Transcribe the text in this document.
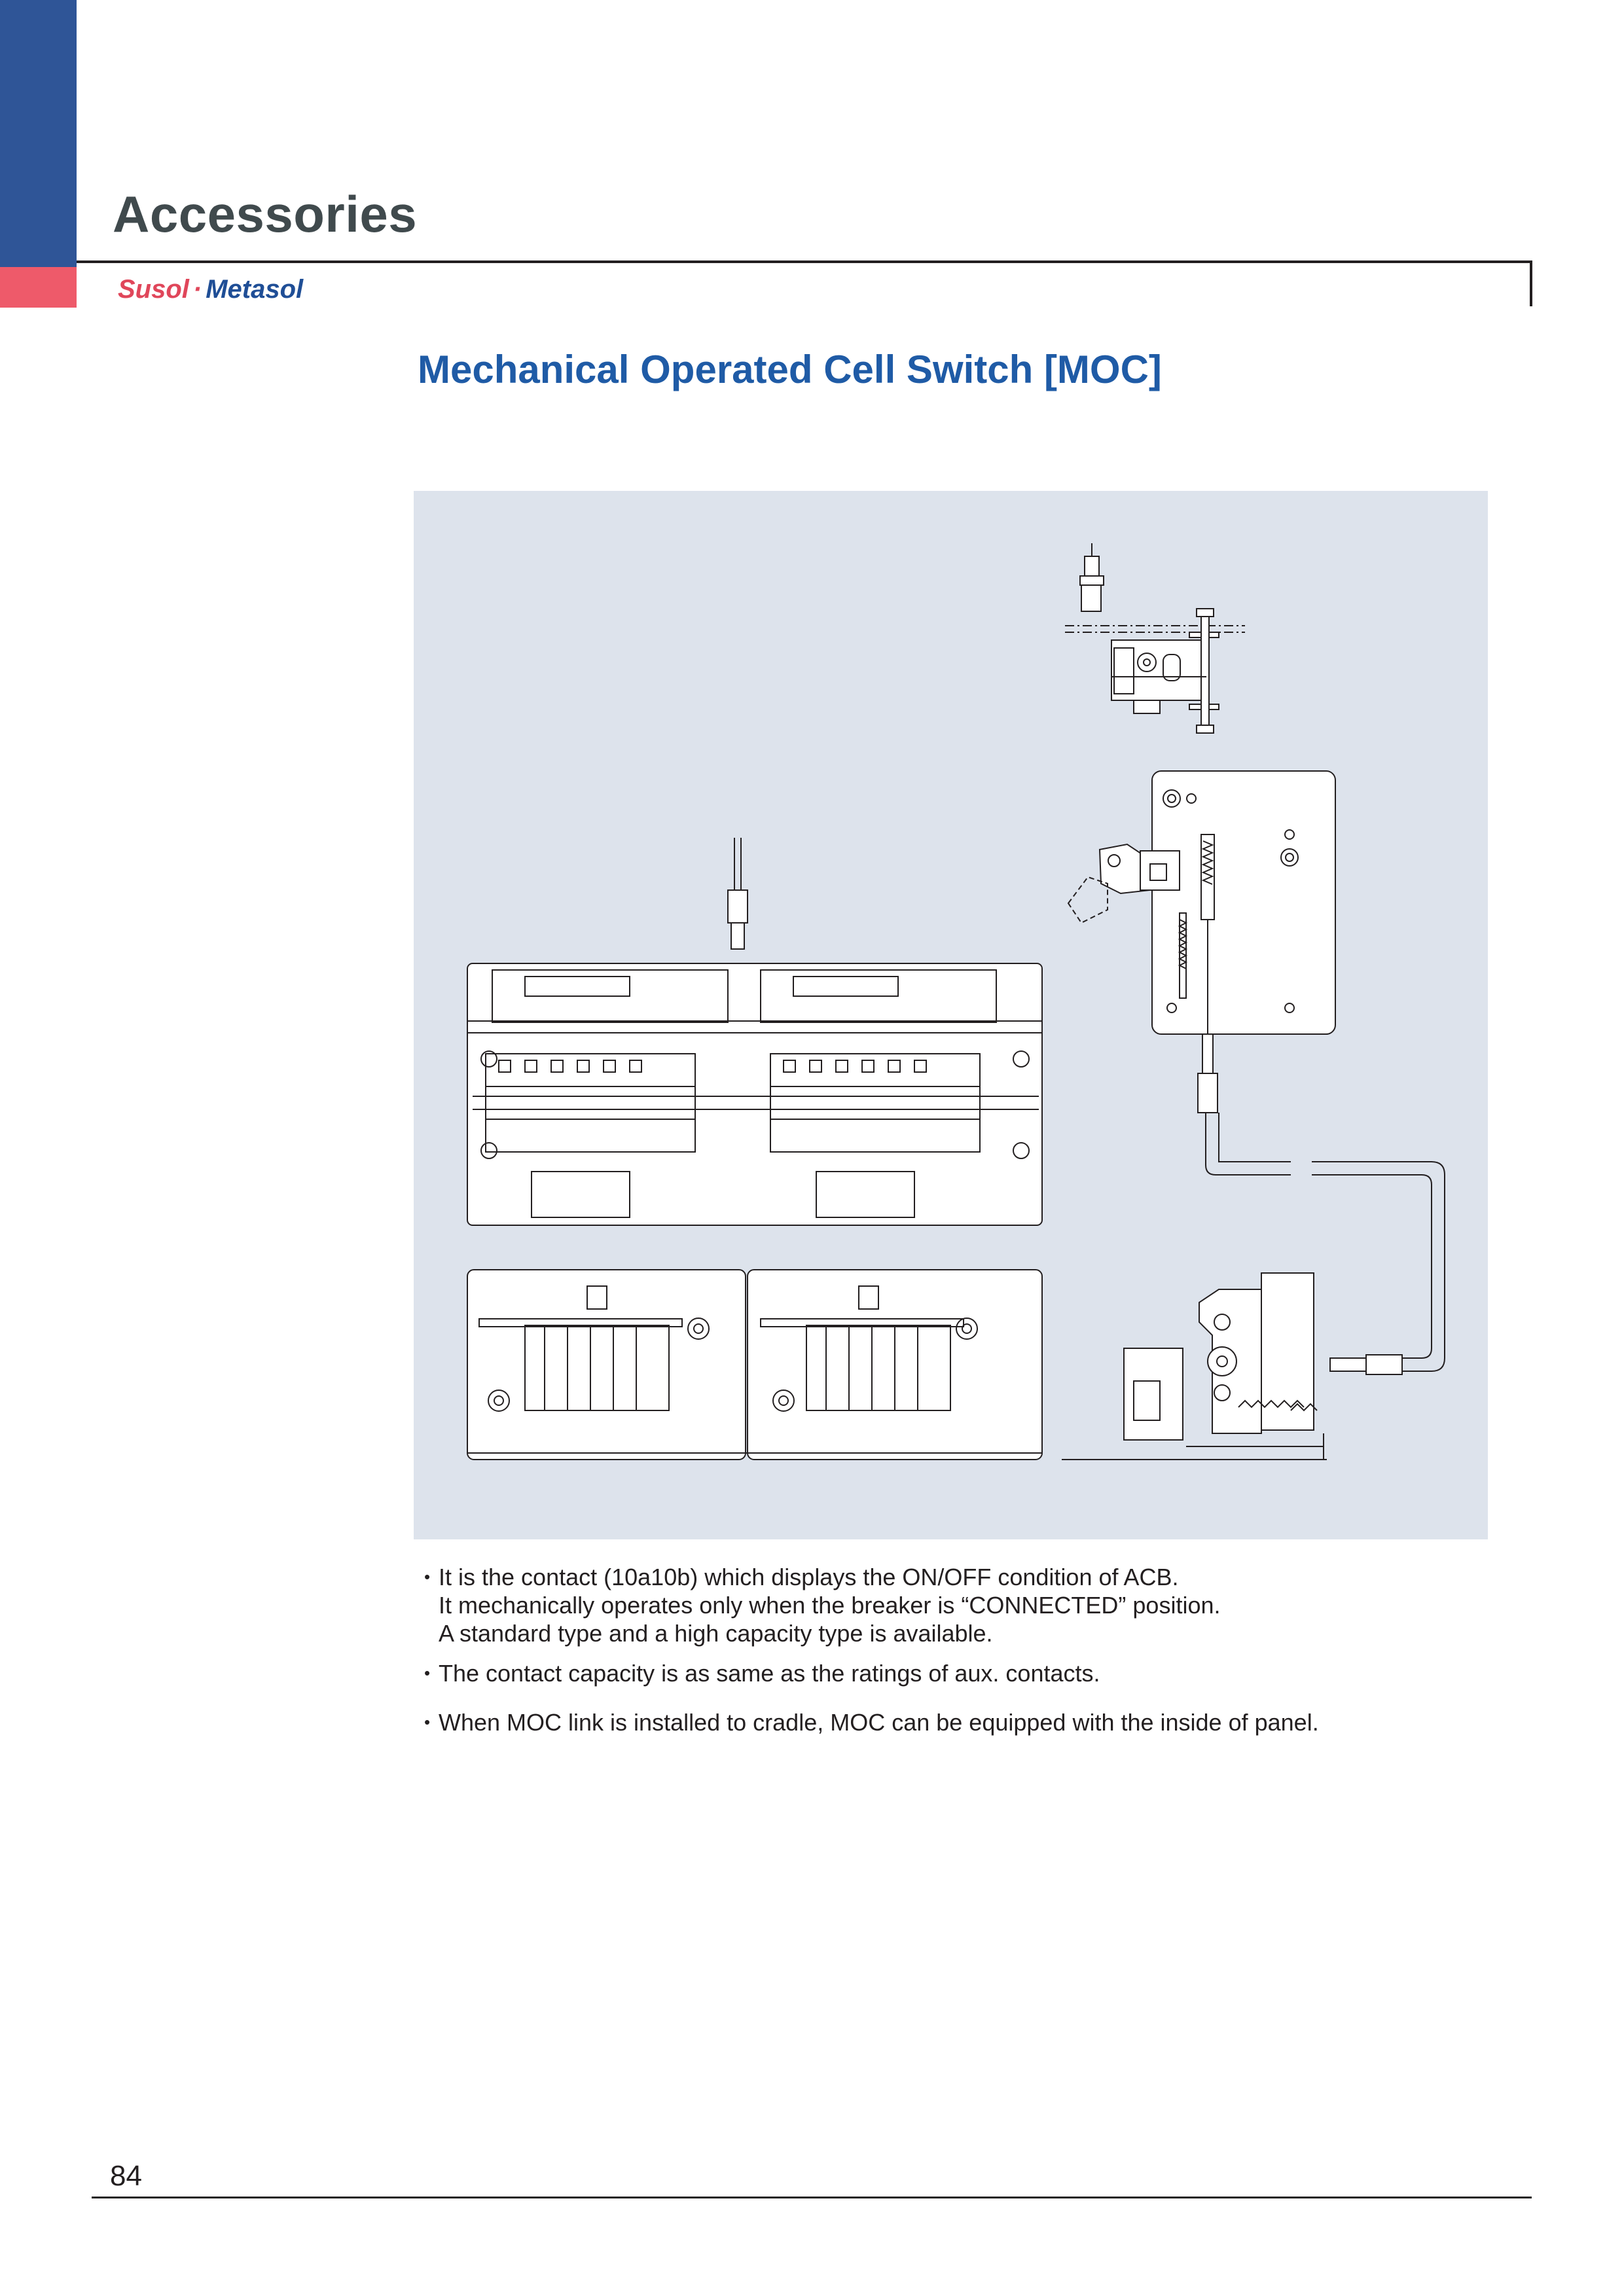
Accessories
Susol · Metasol
Mechanical Operated Cell Switch [MOC]
• It is the contact (10a10b) which displays the ON/OFF condition of ACB.
It mechanically operates only when the breaker is “CONNECTED” position.
A standard type and a high capacity type is available.
• The contact capacity is as same as the ratings of aux. contacts.
• When MOC link is installed to cradle, MOC can be equipped with the inside of panel.
84
